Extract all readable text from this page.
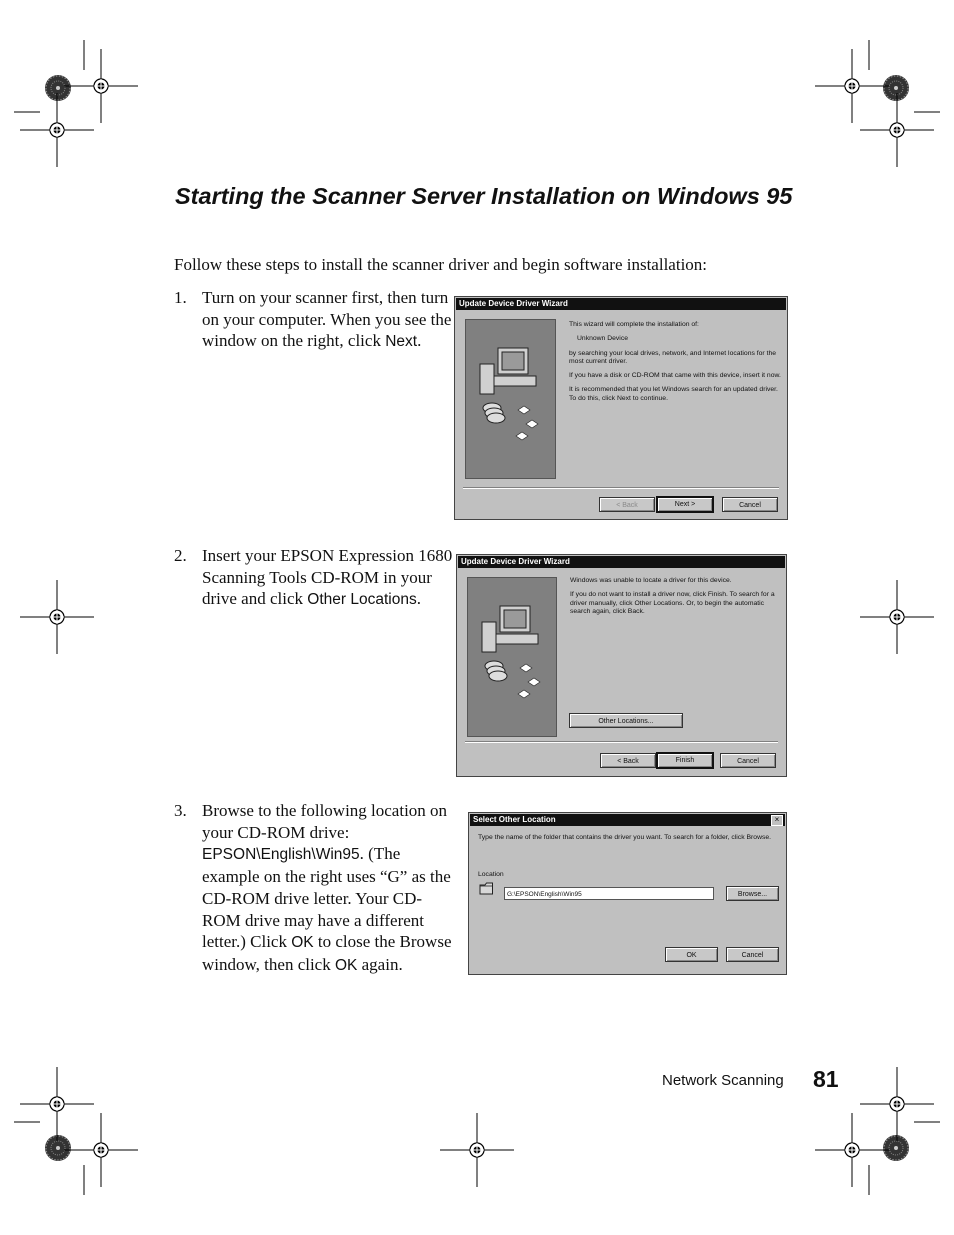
Starting the Scanner Server Installation on Windows 95

Follow these steps to install the scanner driver and begin software installation:

1. Turn on your scanner first, then turn on your computer. When you see the window on the right, click Next.
2. Insert your EPSON Expression 1680 Scanning Tools CD-ROM in your drive and click Other Locations.
3. Browse to the following location on your CD-ROM drive: EPSON\English\Win95. (The example on the right uses “G” as the CD-ROM drive letter. Your CD-ROM drive may have a different letter.) Click OK to close the Browse window, then click OK again.
Update Device Driver Wizard

This wizard will complete the installation of:

Unknown Device

by searching your local drives, network, and Internet locations for the most current driver.

If you have a disk or CD-ROM that came with this device, insert it now.

It is recommended that you let Windows search for an updated driver. To do this, click Next to continue.

< Back	Next >	Cancel
Update Device Driver Wizard

Windows was unable to locate a driver for this device.

If you do not want to install a driver now, click Finish. To search for a driver manually, click Other Locations. Or, to begin the automatic search again, click Back.

Other Locations...
< Back	Finish	Cancel
Select Other Location	×
Type the name of the folder that contains the driver you want. To search for a folder, click Browse.
Location
G:\EPSON\English\Win95	Browse...
OK	Cancel
Network Scanning 81
